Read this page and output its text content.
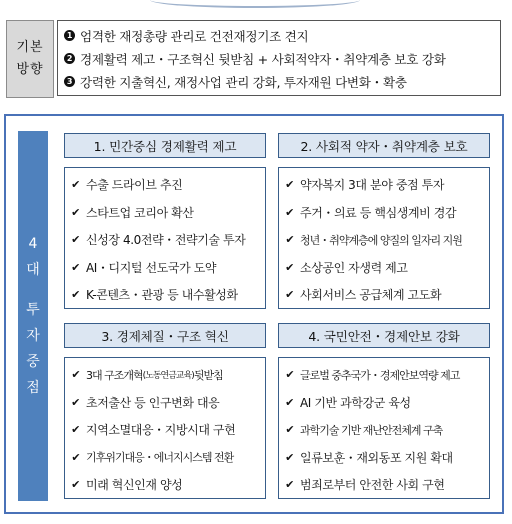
기본
방향
1 엄격한 재정총량 관리로 건전재정기조 견지
2 경제활력 제고・구조혁신 뒷받침 + 사회적약자・취약계층 보호 강화
3 강력한 지출혁신, 재정사업 관리 강화, 투자재원 다변화・확충
4
대
투
자
중
점
1. 민간중심 경제활력 제고
✔ 수출 드라이브 추진
✔ 스타트업 코리아 확산
✔ 신성장 4.0전략・전략기술 투자
✔ AI・디지털 선도국가 도약
✔ K-콘텐츠・관광 등 내수활성화
2. 사회적 약자・취약계층 보호
✔ 약자복지 3대 분야 중점 투자
✔ 주거・의료 등 핵심생계비 경감
✔ 청년・취약계층에 양질의 일자리 지원
✔ 소상공인 자생력 제고
✔ 사회서비스 공급체계 고도화
3. 경제체질・구조 혁신
✔ 3대 구조개혁 (노동연금교육) 뒷받침
✔ 초저출산 등 인구변화 대응
✔ 지역소멸대응・지방시대 구현
✔ 기후위기대응・에너지시스템 전환
✔ 미래 혁신인재 양성
4. 국민안전・경제안보 강화
✔ 글로벌 중추국가・경제안보역량 제고
✔ AI 기반 과학강군 육성
✔ 과학기술 기반 재난안전체계 구축
✔ 일류보훈・재외동포 지원 확대
✔ 범죄로부터 안전한 사회 구현
